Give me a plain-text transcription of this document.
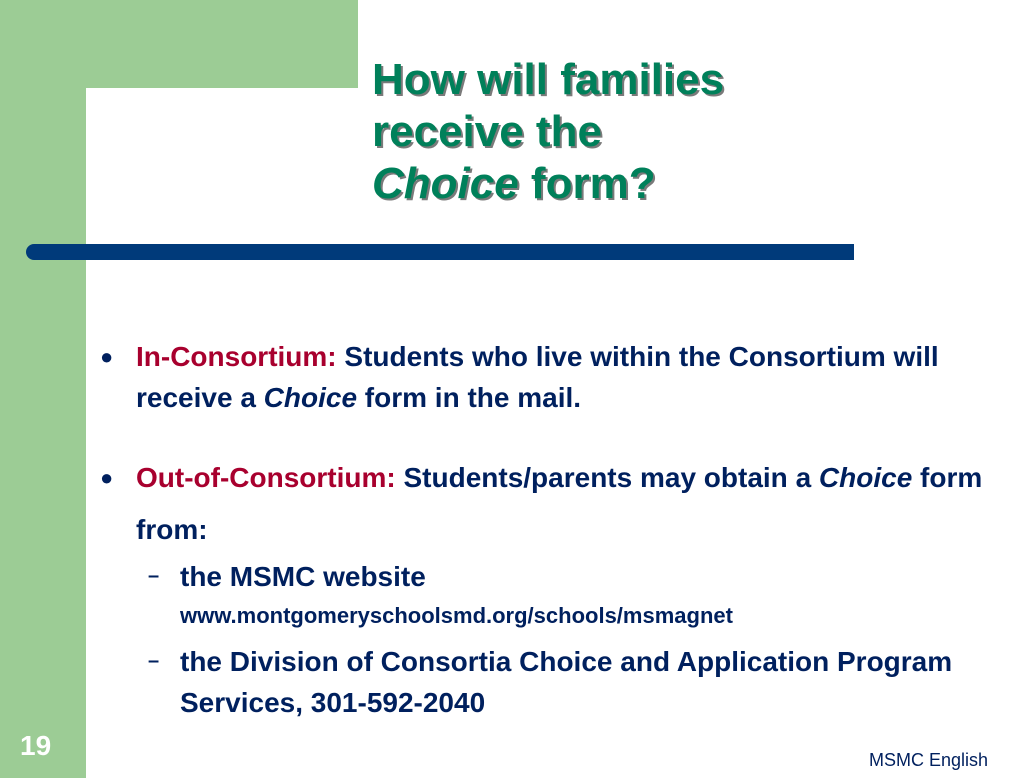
How will families
receive the
Choice form?
● In-Consortium: Students who live within the Consortium will receive a Choice form in the mail.
● Out-of-Consortium: Students/parents may obtain a Choice form from:
– the MSMC website
www.montgomeryschoolsmd.org/schools/msmagnet
– the Division of Consortia Choice and Application Program Services, 301-592-2040
19	MSMC English
